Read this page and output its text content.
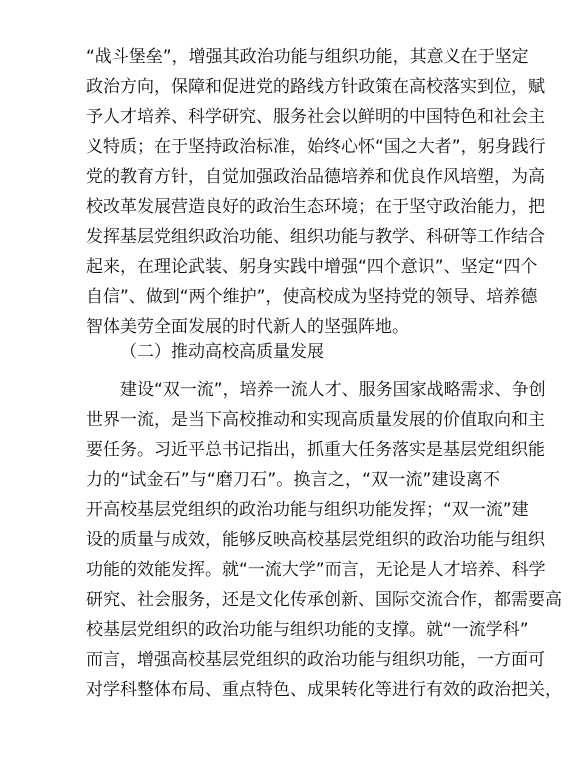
“战斗堡垒”，增强其政治功能与组织功能，其意义在于坚定
政治方向，保障和促进党的路线方针政策在高校落实到位，赋
予人才培养、科学研究、服务社会以鲜明的中国特色和社会主
义特质；在于坚持政治标准，始终心怀“国之大者”，躬身践行
党的教育方针，自觉加强政治品德培养和优良作风培塑，为高
校改革发展营造良好的政治生态环境；在于坚守政治能力，把
发挥基层党组织政治功能、组织功能与教学、科研等工作结合
起来，在理论武装、躬身实践中增强“四个意识”、坚定“四个
自信”、做到“两个维护”，使高校成为坚持党的领导、培养德
智体美劳全面发展的时代新人的坚强阵地。
（二）推动高校高质量发展
建设“双一流”，培养一流人才、服务国家战略需求、争创
世界一流，是当下高校推动和实现高质量发展的价值取向和主
要任务。习近平总书记指出，抓重大任务落实是基层党组织能
力的“试金石”与“磨刀石”。换言之，“双一流”建设离不
开高校基层党组织的政治功能与组织功能发挥；“双一流”建
设的质量与成效，能够反映高校基层党组织的政治功能与组织
功能的效能发挥。就“一流大学”而言，无论是人才培养、科学
研究、社会服务，还是文化传承创新、国际交流合作，都需要高
校基层党组织的政治功能与组织功能的支撑。就“一流学科”
而言，增强高校基层党组织的政治功能与组织功能，一方面可
对学科整体布局、重点特色、成果转化等进行有效的政治把关，
